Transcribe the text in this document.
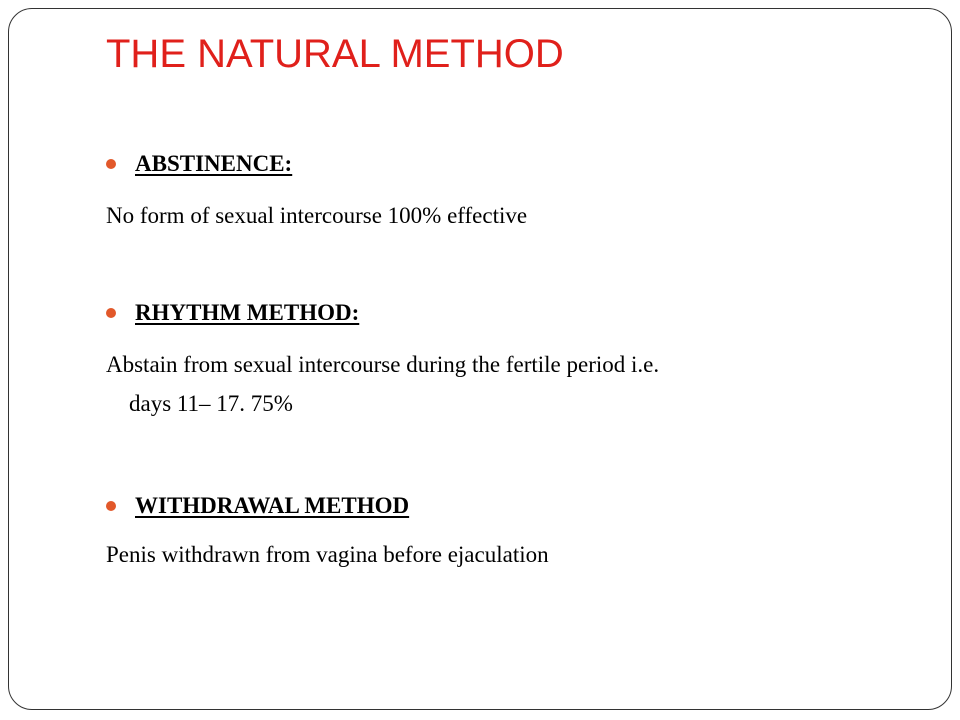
THE NATURAL METHOD
ABSTINENCE:
No form of sexual intercourse 100% effective
RHYTHM METHOD:
Abstain from sexual intercourse during the fertile period i.e.
days 11– 17. 75%
WITHDRAWAL METHOD
Penis withdrawn from vagina before ejaculation
